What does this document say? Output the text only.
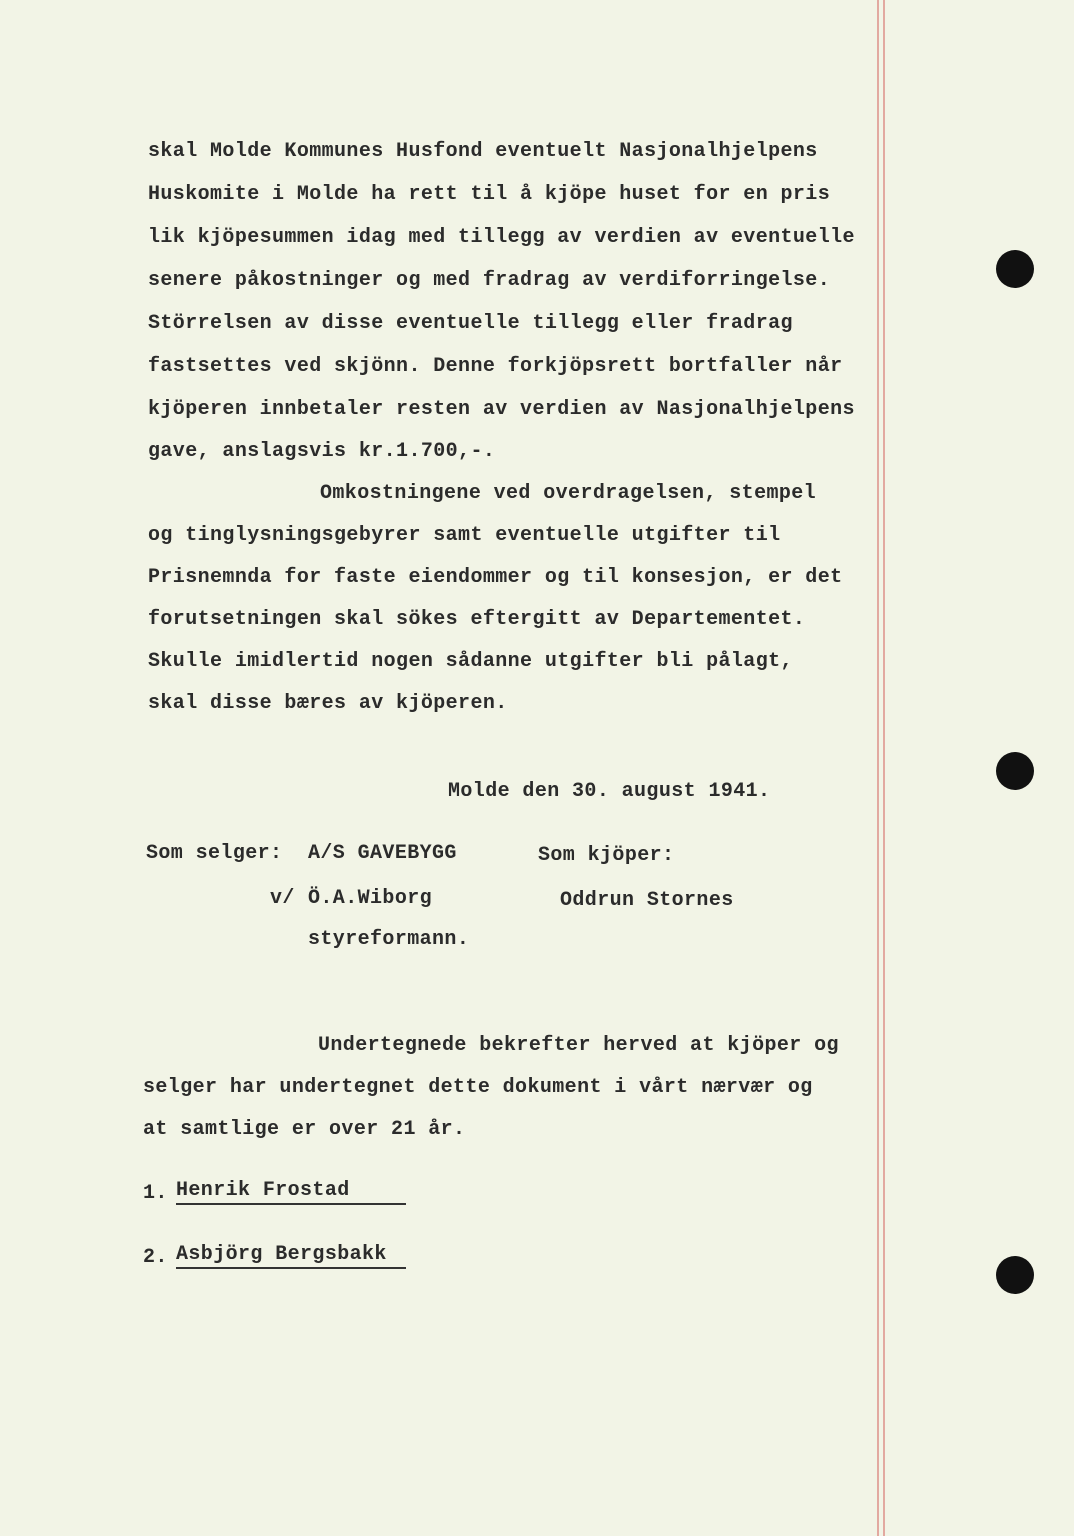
skal Molde Kommunes Husfond eventuelt Nasjonalhjelpens
Huskomite i Molde ha rett til å kjöpe huset for en pris
lik kjöpesummen idag med tillegg av verdien av eventuelle
senere påkostninger og med fradrag av verdiforringelse.
Störrelsen av disse eventuelle tillegg eller fradrag
fastsettes ved skjönn. Denne forkjöpsrett bortfaller når
kjöperen innbetaler resten av verdien av Nasjonalhjelpens
gave, anslagsvis kr.1.700,-.
Omkostningene ved overdragelsen, stempel
og tinglysningsgebyrer samt eventuelle utgifter til
Prisnemnda for faste eiendommer og til konsesjon, er det
forutsetningen skal sökes eftergitt av Departementet.
Skulle imidlertid nogen sådanne utgifter bli pålagt,
skal disse bæres av kjöperen.
Molde den 30. august 1941.
Som selger: A/S GAVEBYGG	Som kjöper:
v/ Ö.A.Wiborg	Oddrun Stornes
styreformann.
Undertegnede bekrefter herved at kjöper og
selger har undertegnet dette dokument i vårt nærvær og
at samtlige er over 21 år.
1. Henrik Frostad
2. Asbjörg Bergsbakk
